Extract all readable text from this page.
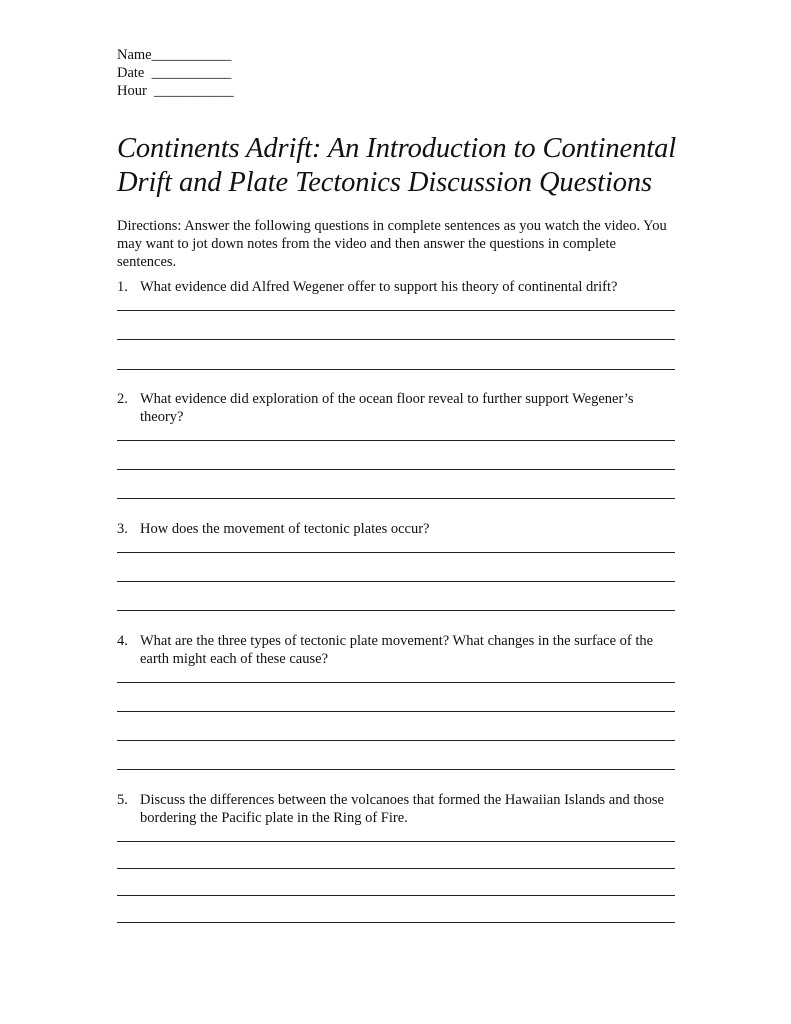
Name___________
Date  ___________
Hour  ___________
Continents Adrift: An Introduction to Continental Drift and Plate Tectonics Discussion Questions

Directions: Answer the following questions in complete sentences as you watch the video. You may want to jot down notes from the video and then answer the questions in complete sentences.

1. What evidence did Alfred Wegener offer to support his theory of continental drift?
2. What evidence did exploration of the ocean floor reveal to further support Wegener’s theory?
3. How does the movement of tectonic plates occur?
4. What are the three types of tectonic plate movement? What changes in the surface of the earth might each of these cause?
5. Discuss the differences between the volcanoes that formed the Hawaiian Islands and those bordering the Pacific plate in the Ring of Fire.
